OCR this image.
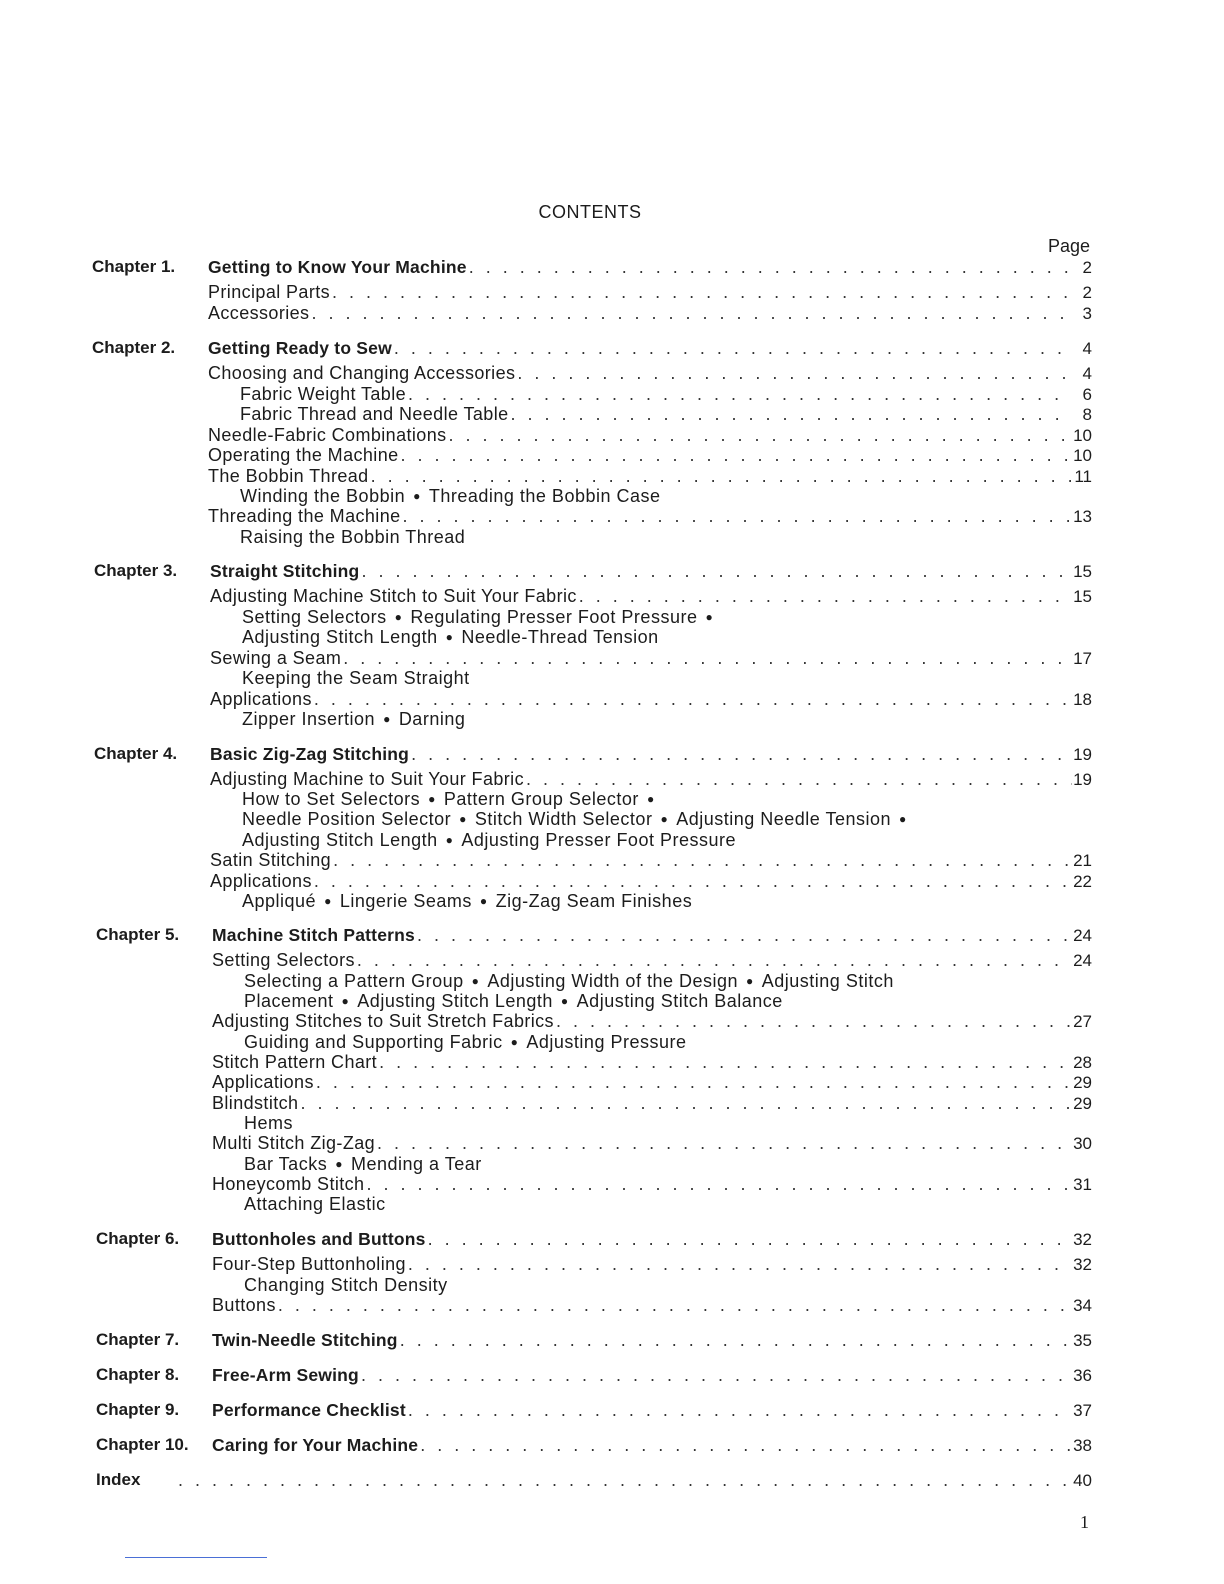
CONTENTS
Page
Chapter 1. Getting to Know Your Machine . . .	2
Principal Parts . . .	2
Accessories . . .	3
Chapter 2. Getting Ready to Sew . . .	4
Choosing and Changing Accessories . . .	4
Fabric Weight Table . . .	6
Fabric Thread and Needle Table . . .	8
Needle-Fabric Combinations . . .	10
Operating the Machine . . .	10
The Bobbin Thread . . .	11
Winding the Bobbin ● Threading the Bobbin Case
Threading the Machine . . .	13
Raising the Bobbin Thread
Chapter 3. Straight Stitching . . .	15
Adjusting Machine Stitch to Suit Your Fabric . . .	15
Setting Selectors ● Regulating Presser Foot Pressure ●
Adjusting Stitch Length ● Needle-Thread Tension
Sewing a Seam . . .	17
Keeping the Seam Straight
Applications . . .	18
Zipper Insertion ● Darning
Chapter 4. Basic Zig-Zag Stitching . . .	19
Adjusting Machine to Suit Your Fabric . . .	19
How to Set Selectors ● Pattern Group Selector ●
Needle Position Selector ● Stitch Width Selector ● Adjusting Needle Tension ●
Adjusting Stitch Length ● Adjusting Presser Foot Pressure
Satin Stitching . . .	21
Applications . . .	22
Appliqué ● Lingerie Seams ● Zig-Zag Seam Finishes
Chapter 5. Machine Stitch Patterns . . .	24
Setting Selectors . . .	24
Selecting a Pattern Group ● Adjusting Width of the Design ● Adjusting Stitch
Placement ● Adjusting Stitch Length ● Adjusting Stitch Balance
Adjusting Stitches to Suit Stretch Fabrics . . .	27
Guiding and Supporting Fabric ● Adjusting Pressure
Stitch Pattern Chart . . .	28
Applications . . .	29
Blindstitch . . .	29
Hems
Multi Stitch Zig-Zag . . .	30
Bar Tacks ● Mending a Tear
Honeycomb Stitch . . .	31
Attaching Elastic
Chapter 6. Buttonholes and Buttons . . .	32
Four-Step Buttonholing . . .	32
Changing Stitch Density
Buttons . . .	34
Chapter 7. Twin-Needle Stitching . . .	35
Chapter 8. Free-Arm Sewing . . .	36
Chapter 9. Performance Checklist . . .	37
Chapter 10. Caring for Your Machine . . .	38
Index . . .	40
1
